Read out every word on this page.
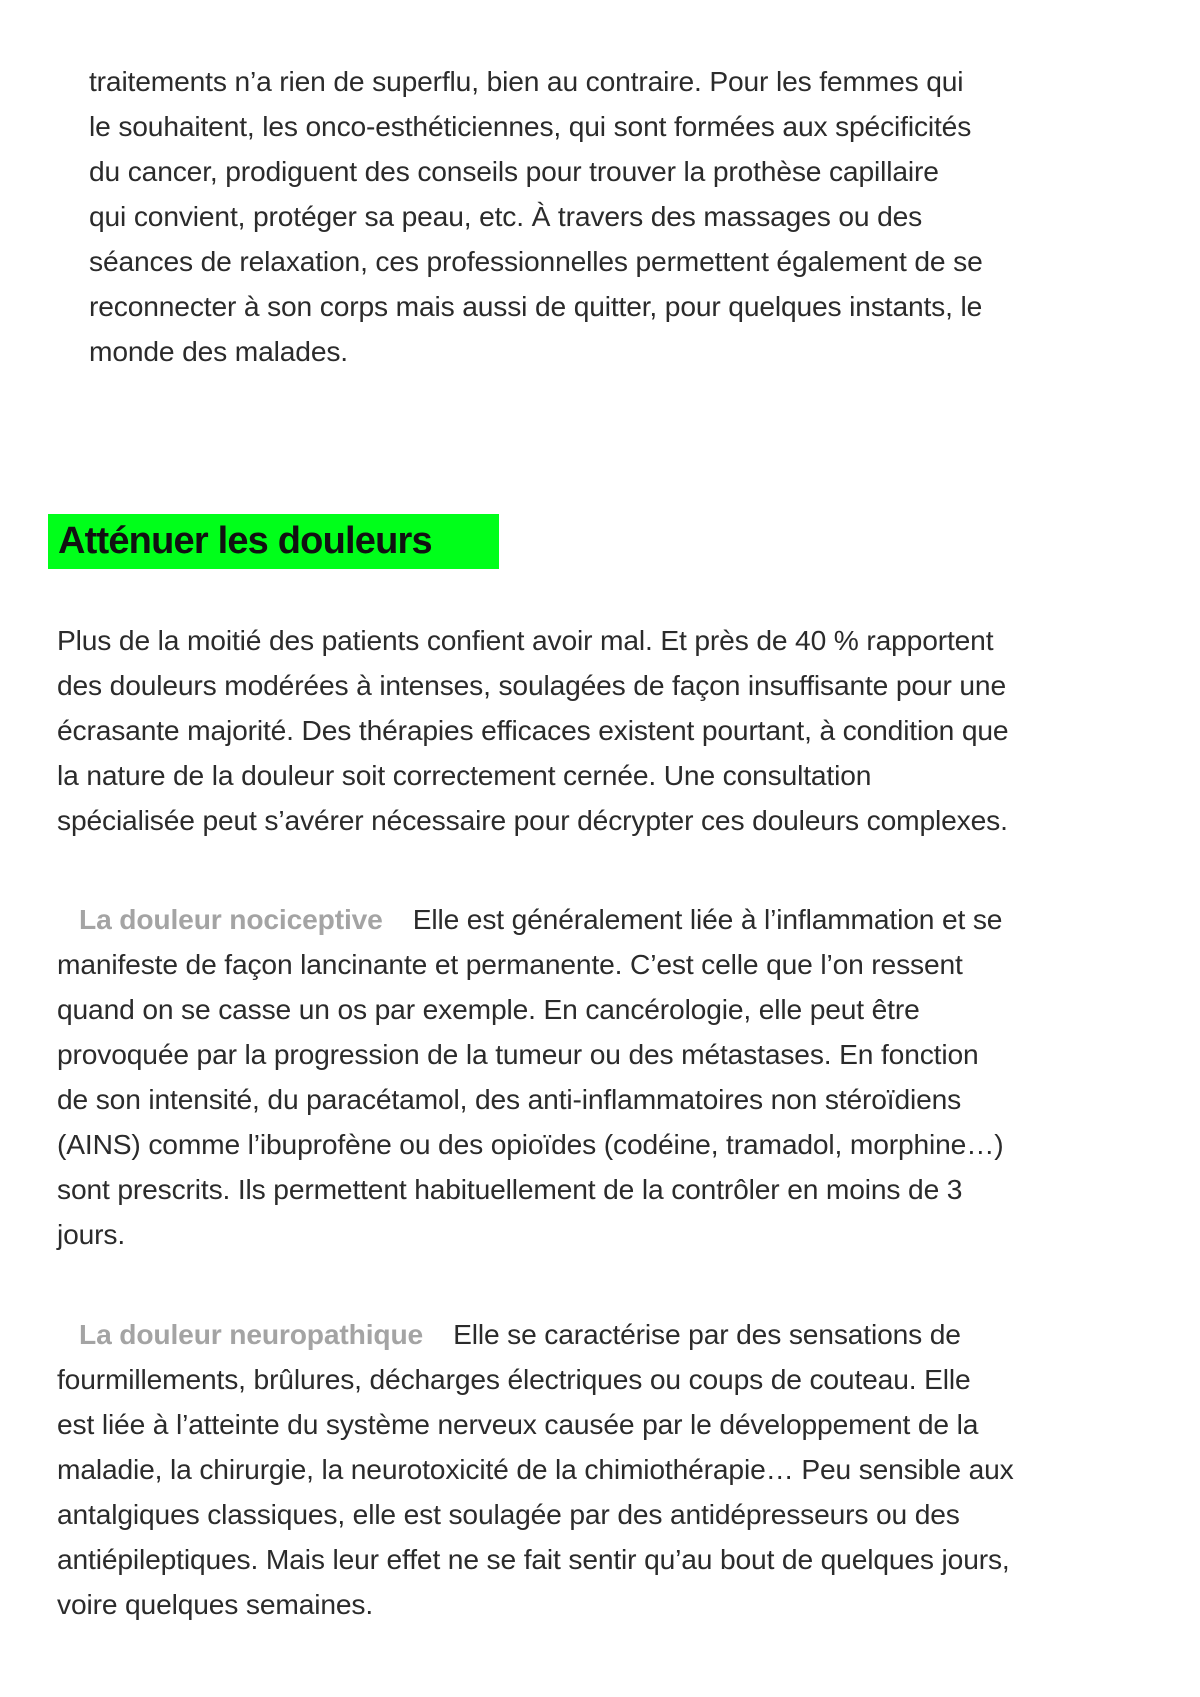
traitements n’a rien de superflu, bien au contraire. Pour les femmes qui
le souhaitent, les onco-esthéticiennes, qui sont formées aux spécificités
du cancer, prodiguent des conseils pour trouver la prothèse capillaire
qui convient, protéger sa peau, etc. À travers des massages ou des
séances de relaxation, ces professionnelles permettent également de se
reconnecter à son corps mais aussi de quitter, pour quelques instants, le
monde des malades.
Atténuer les douleurs
Plus de la moitié des patients confient avoir mal. Et près de 40 % rapportent
des douleurs modérées à intenses, soulagées de façon insuffisante pour une
écrasante majorité. Des thérapies efficaces existent pourtant, à condition que
la nature de la douleur soit correctement cernée. Une consultation
spécialisée peut s’avérer nécessaire pour décrypter ces douleurs complexes.
La douleur nociceptive Elle est généralement liée à l’inflammation et se
manifeste de façon lancinante et permanente. C’est celle que l’on ressent
quand on se casse un os par exemple. En cancérologie, elle peut être
provoquée par la progression de la tumeur ou des métastases. En fonction
de son intensité, du paracétamol, des anti-inflammatoires non stéroïdiens
(AINS) comme l’ibuprofène ou des opioïdes (codéine, tramadol, morphine…)
sont prescrits. Ils permettent habituellement de la contrôler en moins de 3
jours.
La douleur neuropathique Elle se caractérise par des sensations de
fourmillements, brûlures, décharges électriques ou coups de couteau. Elle
est liée à l’atteinte du système nerveux causée par le développement de la
maladie, la chirurgie, la neurotoxicité de la chimiothérapie… Peu sensible aux
antalgiques classiques, elle est soulagée par des antidépresseurs ou des
antiépileptiques. Mais leur effet ne se fait sentir qu’au bout de quelques jours,
voire quelques semaines.
